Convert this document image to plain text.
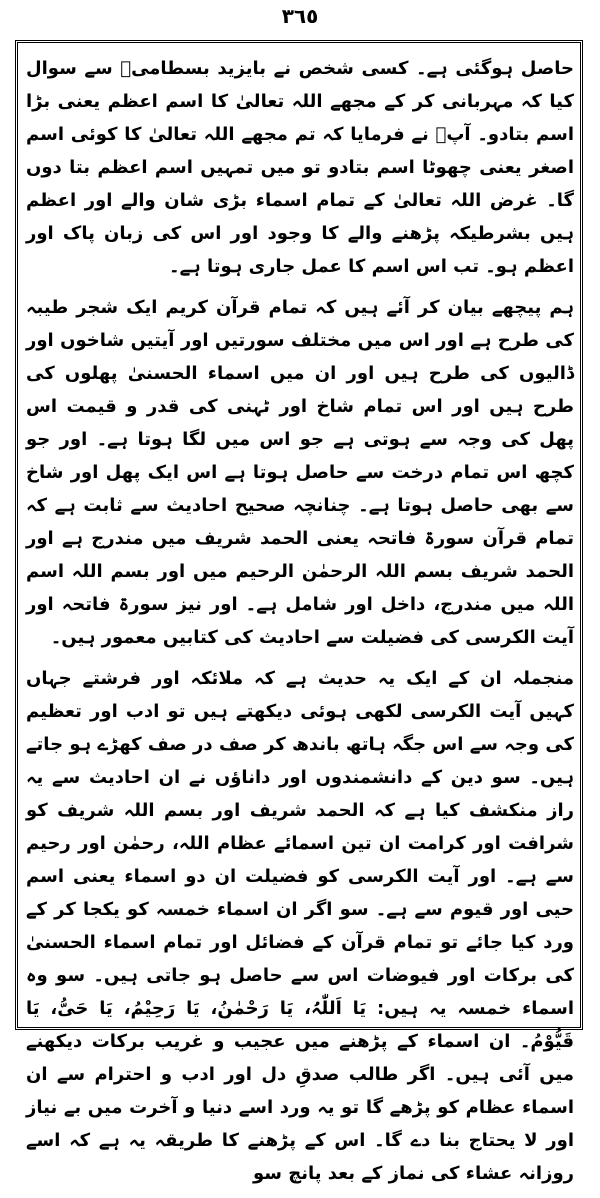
٣٦٥

حاصل ہوگئی ہے۔ کسی شخص نے بایزید بسطامیؒ سے سوال کیا کہ مہربانی کر کے مجھے اللہ تعالیٰ کا اسم اعظم یعنی بڑا اسم بتادو۔ آپؒ نے فرمایا کہ تم مجھے اللہ تعالیٰ کا کوئی اسم اصغر یعنی چھوٹا اسم بتادو تو میں تمہیں اسم اعظم بتا دوں گا۔ غرض اللہ تعالیٰ کے تمام اسماء بڑی شان والے اور اعظم ہیں بشرطیکہ پڑھنے والے کا وجود اور اس کی زبان پاک اور اعظم ہو۔ تب اس اسم کا عمل جاری ہوتا ہے۔

ہم پیچھے بیان کر آئے ہیں کہ تمام قرآن کریم ایک شجر طیبہ کی طرح ہے اور اس میں مختلف سورتیں اور آیتیں شاخوں اور ڈالیوں کی طرح ہیں اور ان میں اسماء الحسنیٰ پھلوں کی طرح ہیں اور اس تمام شاخ اور ٹہنی کی قدر و قیمت اس پھل کی وجہ سے ہوتی ہے جو اس میں لگا ہوتا ہے۔ اور جو کچھ اس تمام درخت سے حاصل ہوتا ہے اس ایک پھل اور شاخ سے بھی حاصل ہوتا ہے۔ چنانچہ صحیح احادیث سے ثابت ہے کہ تمام قرآن سورۃ فاتحہ یعنی الحمد شریف میں مندرج ہے اور الحمد شریف بسم اللہ الرحمٰن الرحیم میں اور بسم اللہ اسم اللہ میں مندرج، داخل اور شامل ہے۔ اور نیز سورۃ فاتحہ اور آیت الکرسی کی فضیلت سے احادیث کی کتابیں معمور ہیں۔

منجملہ ان کے ایک یہ حدیث ہے کہ ملائکہ اور فرشتے جہاں کہیں آیت الکرسی لکھی ہوئی دیکھتے ہیں تو ادب اور تعظیم کی وجہ سے اس جگہ ہاتھ باندھ کر صف در صف کھڑے ہو جاتے ہیں۔ سو دین کے دانشمندوں اور داناؤں نے ان احادیث سے یہ راز منکشف کیا ہے کہ الحمد شریف اور بسم اللہ شریف کو شرافت اور کرامت ان تین اسمائے عظام اللہ، رحمٰن اور رحیم سے ہے۔ اور آیت الکرسی کو فضیلت ان دو اسماء یعنی اسم حیی اور قیوم سے ہے۔ سو اگر ان اسماء خمسہ کو یکجا کر کے ورد کیا جائے تو تمام قرآن کے فضائل اور تمام اسماء الحسنیٰ کی برکات اور فیوضات اس سے حاصل ہو جاتی ہیں۔ سو وہ اسماء خمسہ یہ ہیں: یَا اَللّٰہُ، یَا رَحْمٰنُ، یَا رَحِیْمُ، یَا حَیُّ، یَا قَیُّوْمُ۔ ان اسماء کے پڑھنے میں عجیب و غریب برکات دیکھنے میں آئی ہیں۔ اگر طالب صدقِ دل اور ادب و احترام سے ان اسماء عظام کو پڑھے گا تو یہ ورد اسے دنیا و آخرت میں بے نیاز اور لا یحتاج بنا دے گا۔ اس کے پڑھنے کا طریقہ یہ ہے کہ اسے روزانہ عشاء کی نماز کے بعد پانچ سو
